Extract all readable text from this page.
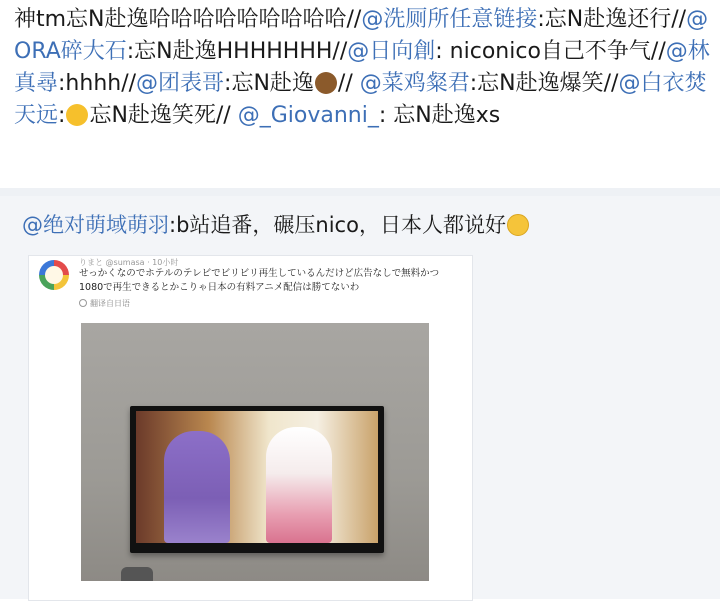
神tm忘N赴逸哈哈哈哈哈哈哈哈哈//@洗厕所任意链接:忘N赴逸还行//@ORA碎大石:忘N赴逸HHHHHHH//@日向創: niconico自己不争气//@林真尋:hhhh//@团表哥:忘N赴逸 // @菜鸡粲君:忘N赴逸爆笑//@白衣焚天远: 忘N赴逸笑死// @_Giovanni_: 忘N赴逸xs
@绝对萌域萌羽:b站追番，碾压nico，日本人都说好
りまと @sumasa · 10小时
せっかくなのでホテルのテレビでビリビリ再生しているんだけど広告なしで無料かつ1080で再生できるとかこりゃ日本の有料アニメ配信は勝てないわ
翻译自日语
